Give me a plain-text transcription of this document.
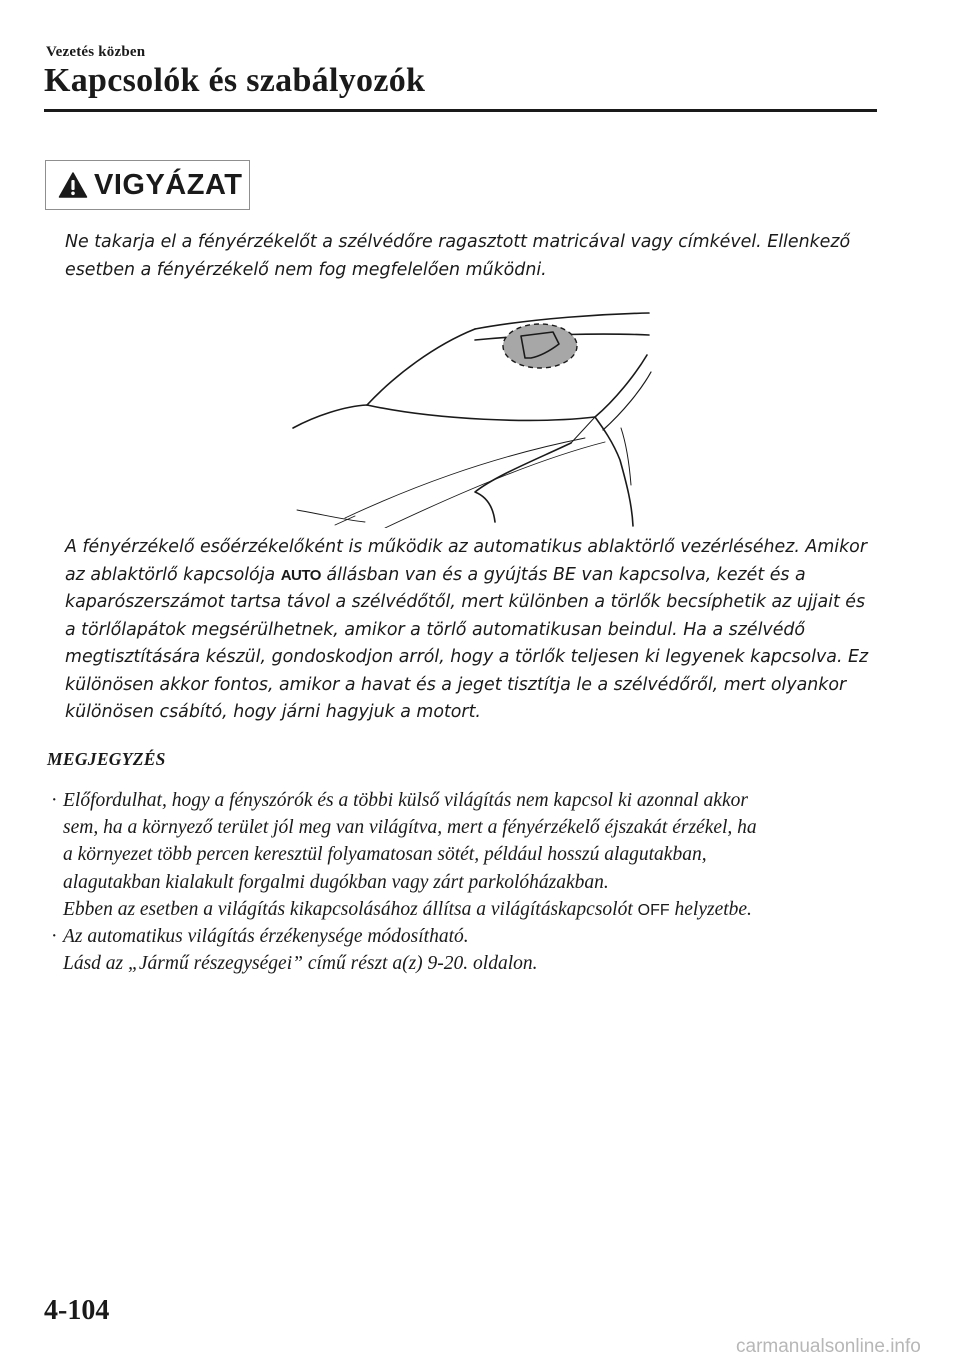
Vezetés közben
Kapcsolók és szabályozók
VIGYÁZAT
Ne takarja el a fényérzékelőt a szélvédőre ragasztott matricával vagy címkével. Ellenkező
esetben a fényérzékelő nem fog megfelelően működni.
A fényérzékelő esőérzékelőként is működik az automatikus ablaktörlő vezérléséhez. Amikor
az ablaktörlő kapcsolója AUTO állásban van és a gyújtás BE van kapcsolva, kezét és a
kaparószerszámot tartsa távol a szélvédőtől, mert különben a törlők becsíphetik az ujjait és
a törlőlapátok megsérülhetnek, amikor a törlő automatikusan beindul. Ha a szélvédő
megtisztítására készül, gondoskodjon arról, hogy a törlők teljesen ki legyenek kapcsolva. Ez
különösen akkor fontos, amikor a havat és a jeget tisztítja le a szélvédőről, mert olyankor
különösen csábító, hogy járni hagyjuk a motort.
MEGJEGYZÉS
· Előfordulhat, hogy a fényszórók és a többi külső világítás nem kapcsol ki azonnal akkor
sem, ha a környező terület jól meg van világítva, mert a fényérzékelő éjszakát érzékel, ha
a környezet több percen keresztül folyamatosan sötét, például hosszú alagutakban,
alagutakban kialakult forgalmi dugókban vagy zárt parkolóházakban.
Ebben az esetben a világítás kikapcsolásához állítsa a világításkapcsolót OFF helyzetbe.
· Az automatikus világítás érzékenysége módosítható.
Lásd az „Jármű részegységei” című részt a(z) 9-20. oldalon.
4-104
carmanualsonline.info
